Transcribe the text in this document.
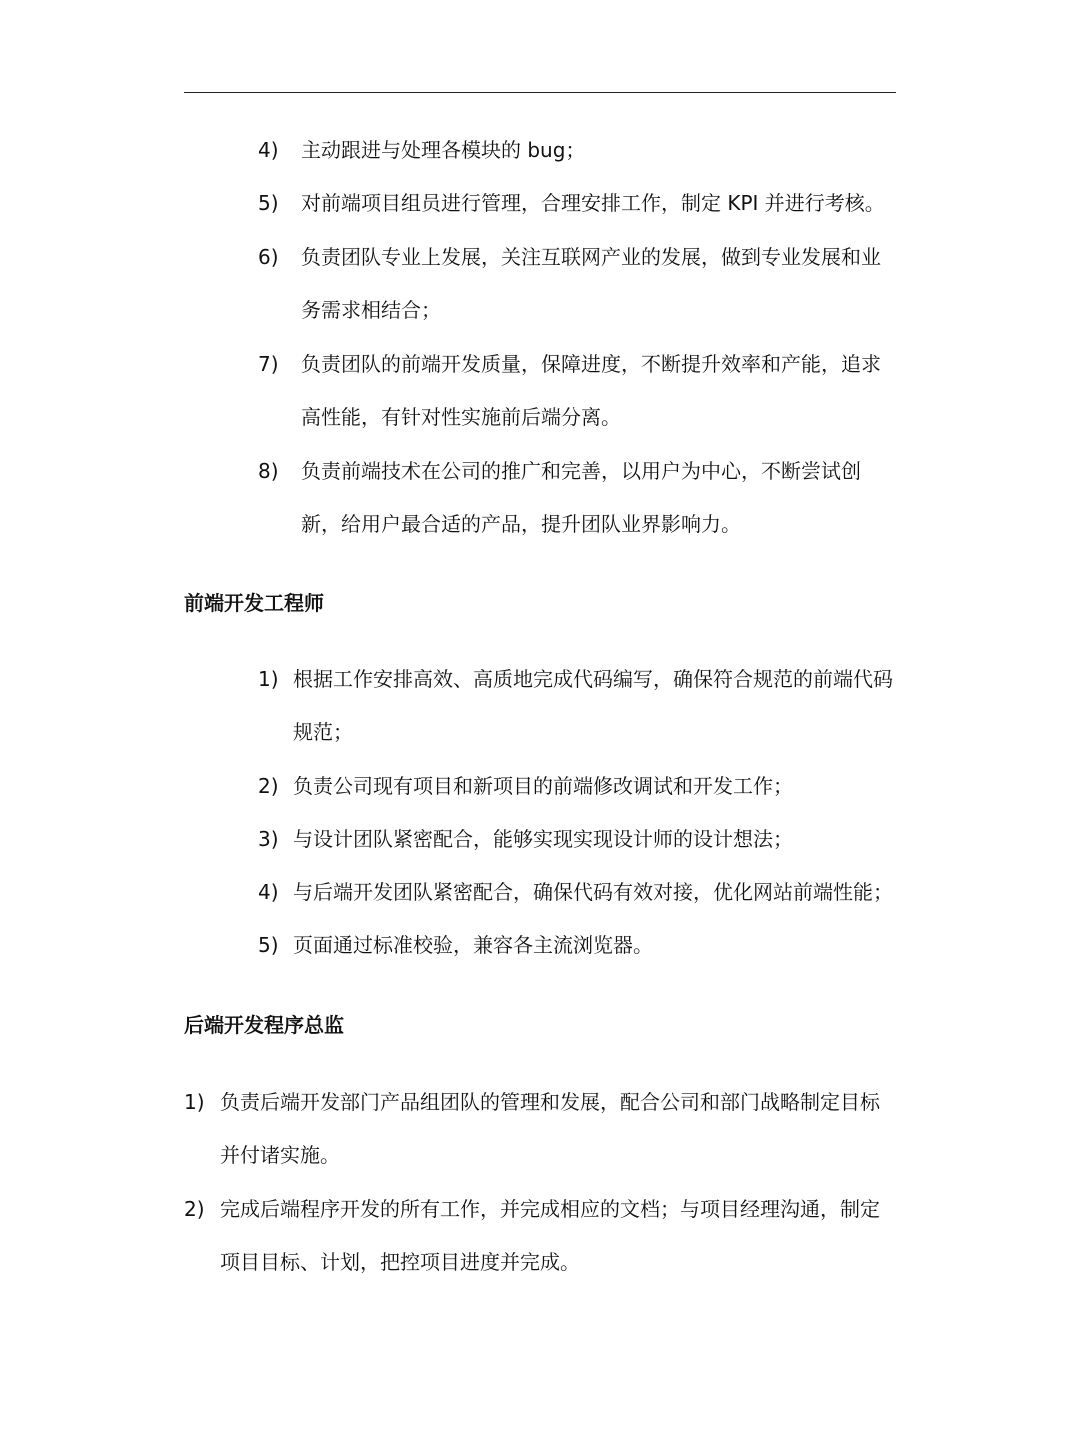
4) 主动跟进与处理各模块的 bug；
5) 对前端项目组员进行管理，合理安排工作，制定 KPI 并进行考核。
6) 负责团队专业上发展，关注互联网产业的发展，做到专业发展和业务需求相结合；
7) 负责团队的前端开发质量，保障进度，不断提升效率和产能，追求高性能，有针对性实施前后端分离。
8) 负责前端技术在公司的推广和完善，以用户为中心，不断尝试创新，给用户最合适的产品，提升团队业界影响力。
前端开发工程师
1) 根据工作安排高效、高质地完成代码编写，确保符合规范的前端代码规范；
2) 负责公司现有项目和新项目的前端修改调试和开发工作；
3) 与设计团队紧密配合，能够实现实现设计师的设计想法；
4) 与后端开发团队紧密配合，确保代码有效对接，优化网站前端性能；
5) 页面通过标准校验，兼容各主流浏览器。
后端开发程序总监
1) 负责后端开发部门产品组团队的管理和发展，配合公司和部门战略制定目标并付诸实施。
2) 完成后端程序开发的所有工作，并完成相应的文档；与项目经理沟通，制定项目目标、计划，把控项目进度并完成。
